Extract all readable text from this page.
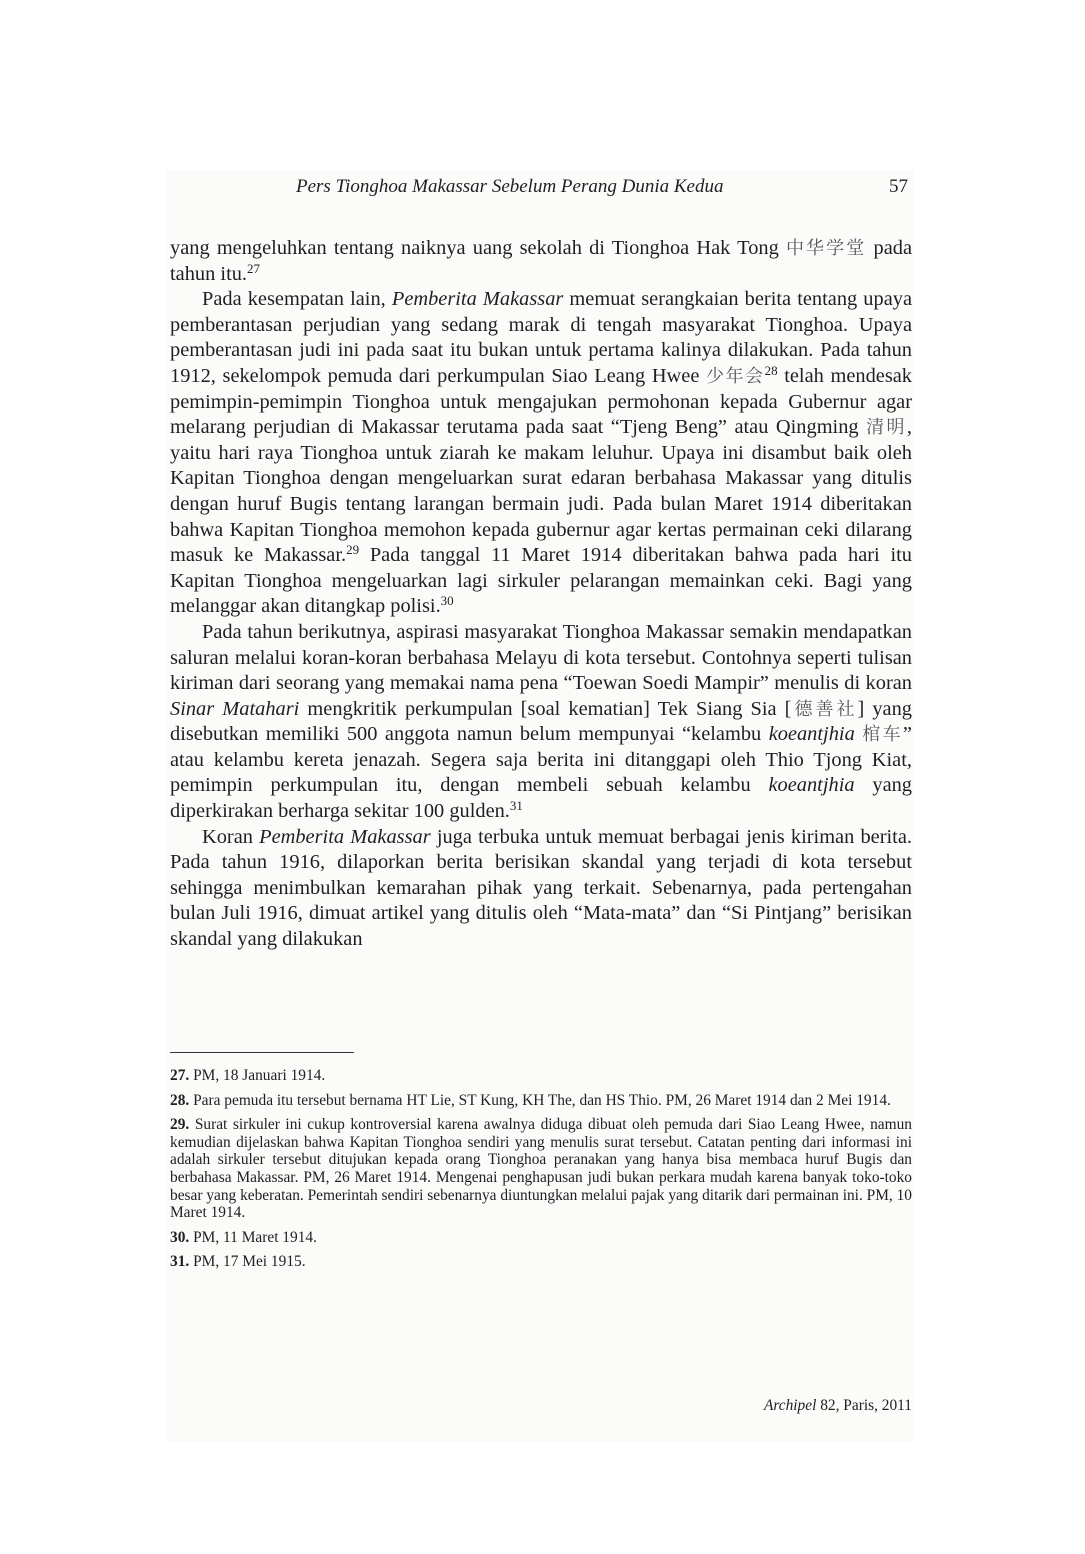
Pers Tionghoa Makassar Sebelum Perang Dunia Kedua	57

yang mengeluhkan tentang naiknya uang sekolah di Tionghoa Hak Tong 中华学堂 pada tahun itu.$^{27}$

Pada kesempatan lain, Pemberita Makassar memuat serangkaian berita tentang upaya pemberantasan perjudian yang sedang marak di tengah masyarakat Tionghoa. Upaya pemberantasan judi ini pada saat itu bukan untuk pertama kalinya dilakukan. Pada tahun 1912, sekelompok pemuda dari perkumpulan Siao Leang Hwee 少年会$^{28}$ telah mendesak pemimpin-pemimpin Tionghoa untuk mengajukan permohonan kepada Gubernur agar melarang perjudian di Makassar terutama pada saat “Tjeng Beng” atau Qingming 清明, yaitu hari raya Tionghoa untuk ziarah ke makam leluhur. Upaya ini disambut baik oleh Kapitan Tionghoa dengan mengeluarkan surat edaran berbahasa Makassar yang ditulis dengan huruf Bugis tentang larangan bermain judi. Pada bulan Maret 1914 diberitakan bahwa Kapitan Tionghoa memohon kepada gubernur agar kertas permainan ceki dilarang masuk ke Makassar.$^{29}$ Pada tanggal 11 Maret 1914 diberitakan bahwa pada hari itu Kapitan Tionghoa mengeluarkan lagi sirkuler pelarangan memainkan ceki. Bagi yang melanggar akan ditangkap polisi.$^{30}$

Pada tahun berikutnya, aspirasi masyarakat Tionghoa Makassar semakin mendapatkan saluran melalui koran-koran berbahasa Melayu di kota tersebut. Contohnya seperti tulisan kiriman dari seorang yang memakai nama pena “Toewan Soedi Mampir” menulis di koran Sinar Matahari mengkritik perkumpulan [soal kematian] Tek Siang Sia [德善社] yang disebutkan memiliki 500 anggota namun belum mempunyai “kelambu koeantjhia 棺车” atau kelambu kereta jenazah. Segera saja berita ini ditanggapi oleh Thio Tjong Kiat, pemimpin perkumpulan itu, dengan membeli sebuah kelambu koeantjhia yang diperkirakan berharga sekitar 100 gulden.$^{31}$

Koran Pemberita Makassar juga terbuka untuk memuat berbagai jenis kiriman berita. Pada tahun 1916, dilaporkan berita berisikan skandal yang terjadi di kota tersebut sehingga menimbulkan kemarahan pihak yang terkait. Sebenarnya, pada pertengahan bulan Juli 1916, dimuat artikel yang ditulis oleh “Mata-mata” dan “Si Pintjang” berisikan skandal yang dilakukan

27. PM, 18 Januari 1914.

28. Para pemuda itu tersebut bernama HT Lie, ST Kung, KH The, dan HS Thio. PM, 26 Maret 1914 dan 2 Mei 1914.

29. Surat sirkuler ini cukup kontroversial karena awalnya diduga dibuat oleh pemuda dari Siao Leang Hwee, namun kemudian dijelaskan bahwa Kapitan Tionghoa sendiri yang menulis surat tersebut. Catatan penting dari informasi ini adalah sirkuler tersebut ditujukan kepada orang Tionghoa peranakan yang hanya bisa membaca huruf Bugis dan berbahasa Makassar. PM, 26 Maret 1914. Mengenai penghapusan judi bukan perkara mudah karena banyak toko-toko besar yang keberatan. Pemerintah sendiri sebenarnya diuntungkan melalui pajak yang ditarik dari permainan ini. PM, 10 Maret 1914.

30. PM, 11 Maret 1914.

31. PM, 17 Mei 1915.

Archipel 82, Paris, 2011
